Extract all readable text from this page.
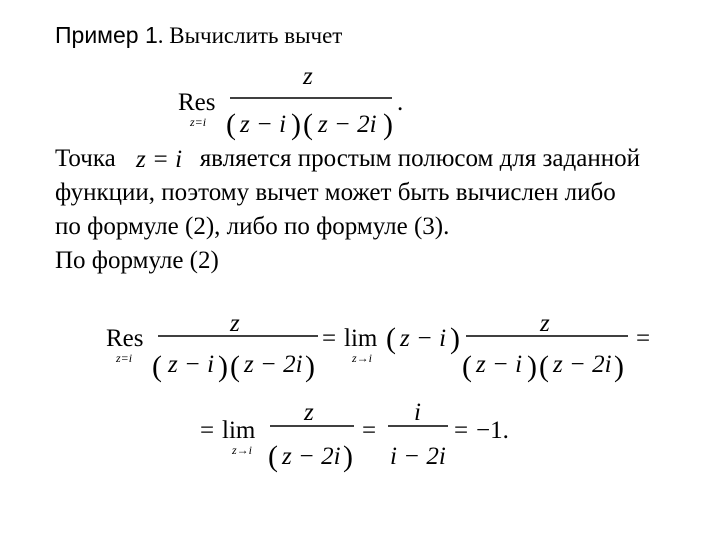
Пример 1. Вычислить вычет
Res
z=i
z
( z − i ) ( z − 2i )
.
z = i
Res
z=i
z
( z − i ) ( z − 2i )
= lim
z→i
( z − i )	z
( z − i ) ( z − 2i )
=
= lim
z→i
z
( z − 2i )
=
i
i − 2i
= −1.
Точка	является простым полюсом для заданной
функции, поэтому вычет может быть вычислен либо
по формуле (2), либо по формуле (3).
По формуле (2)
